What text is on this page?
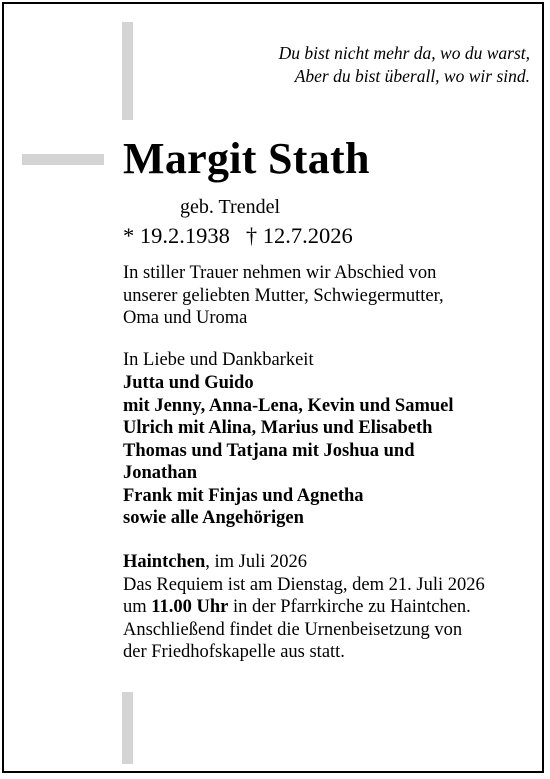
Du bist nicht mehr da, wo du warst,
Aber du bist überall, wo wir sind.
Margit Stath
geb. Trendel
* 19.2.1938 † 12.7.2026
In stiller Trauer nehmen wir Abschied von
unserer geliebten Mutter, Schwiegermutter,
Oma und Uroma
In Liebe und Dankbarkeit
Jutta und Guido
mit Jenny, Anna-Lena, Kevin und Samuel
Ulrich mit Alina, Marius und Elisabeth
Thomas und Tatjana mit Joshua und
Jonathan
Frank mit Finjas und Agnetha
sowie alle Angehörigen
Haintchen, im Juli 2026
Das Requiem ist am Dienstag, dem 21. Juli 2026
um 11.00 Uhr in der Pfarrkirche zu Haintchen.
Anschließend findet die Urnenbeisetzung von
der Friedhofskapelle aus statt.
